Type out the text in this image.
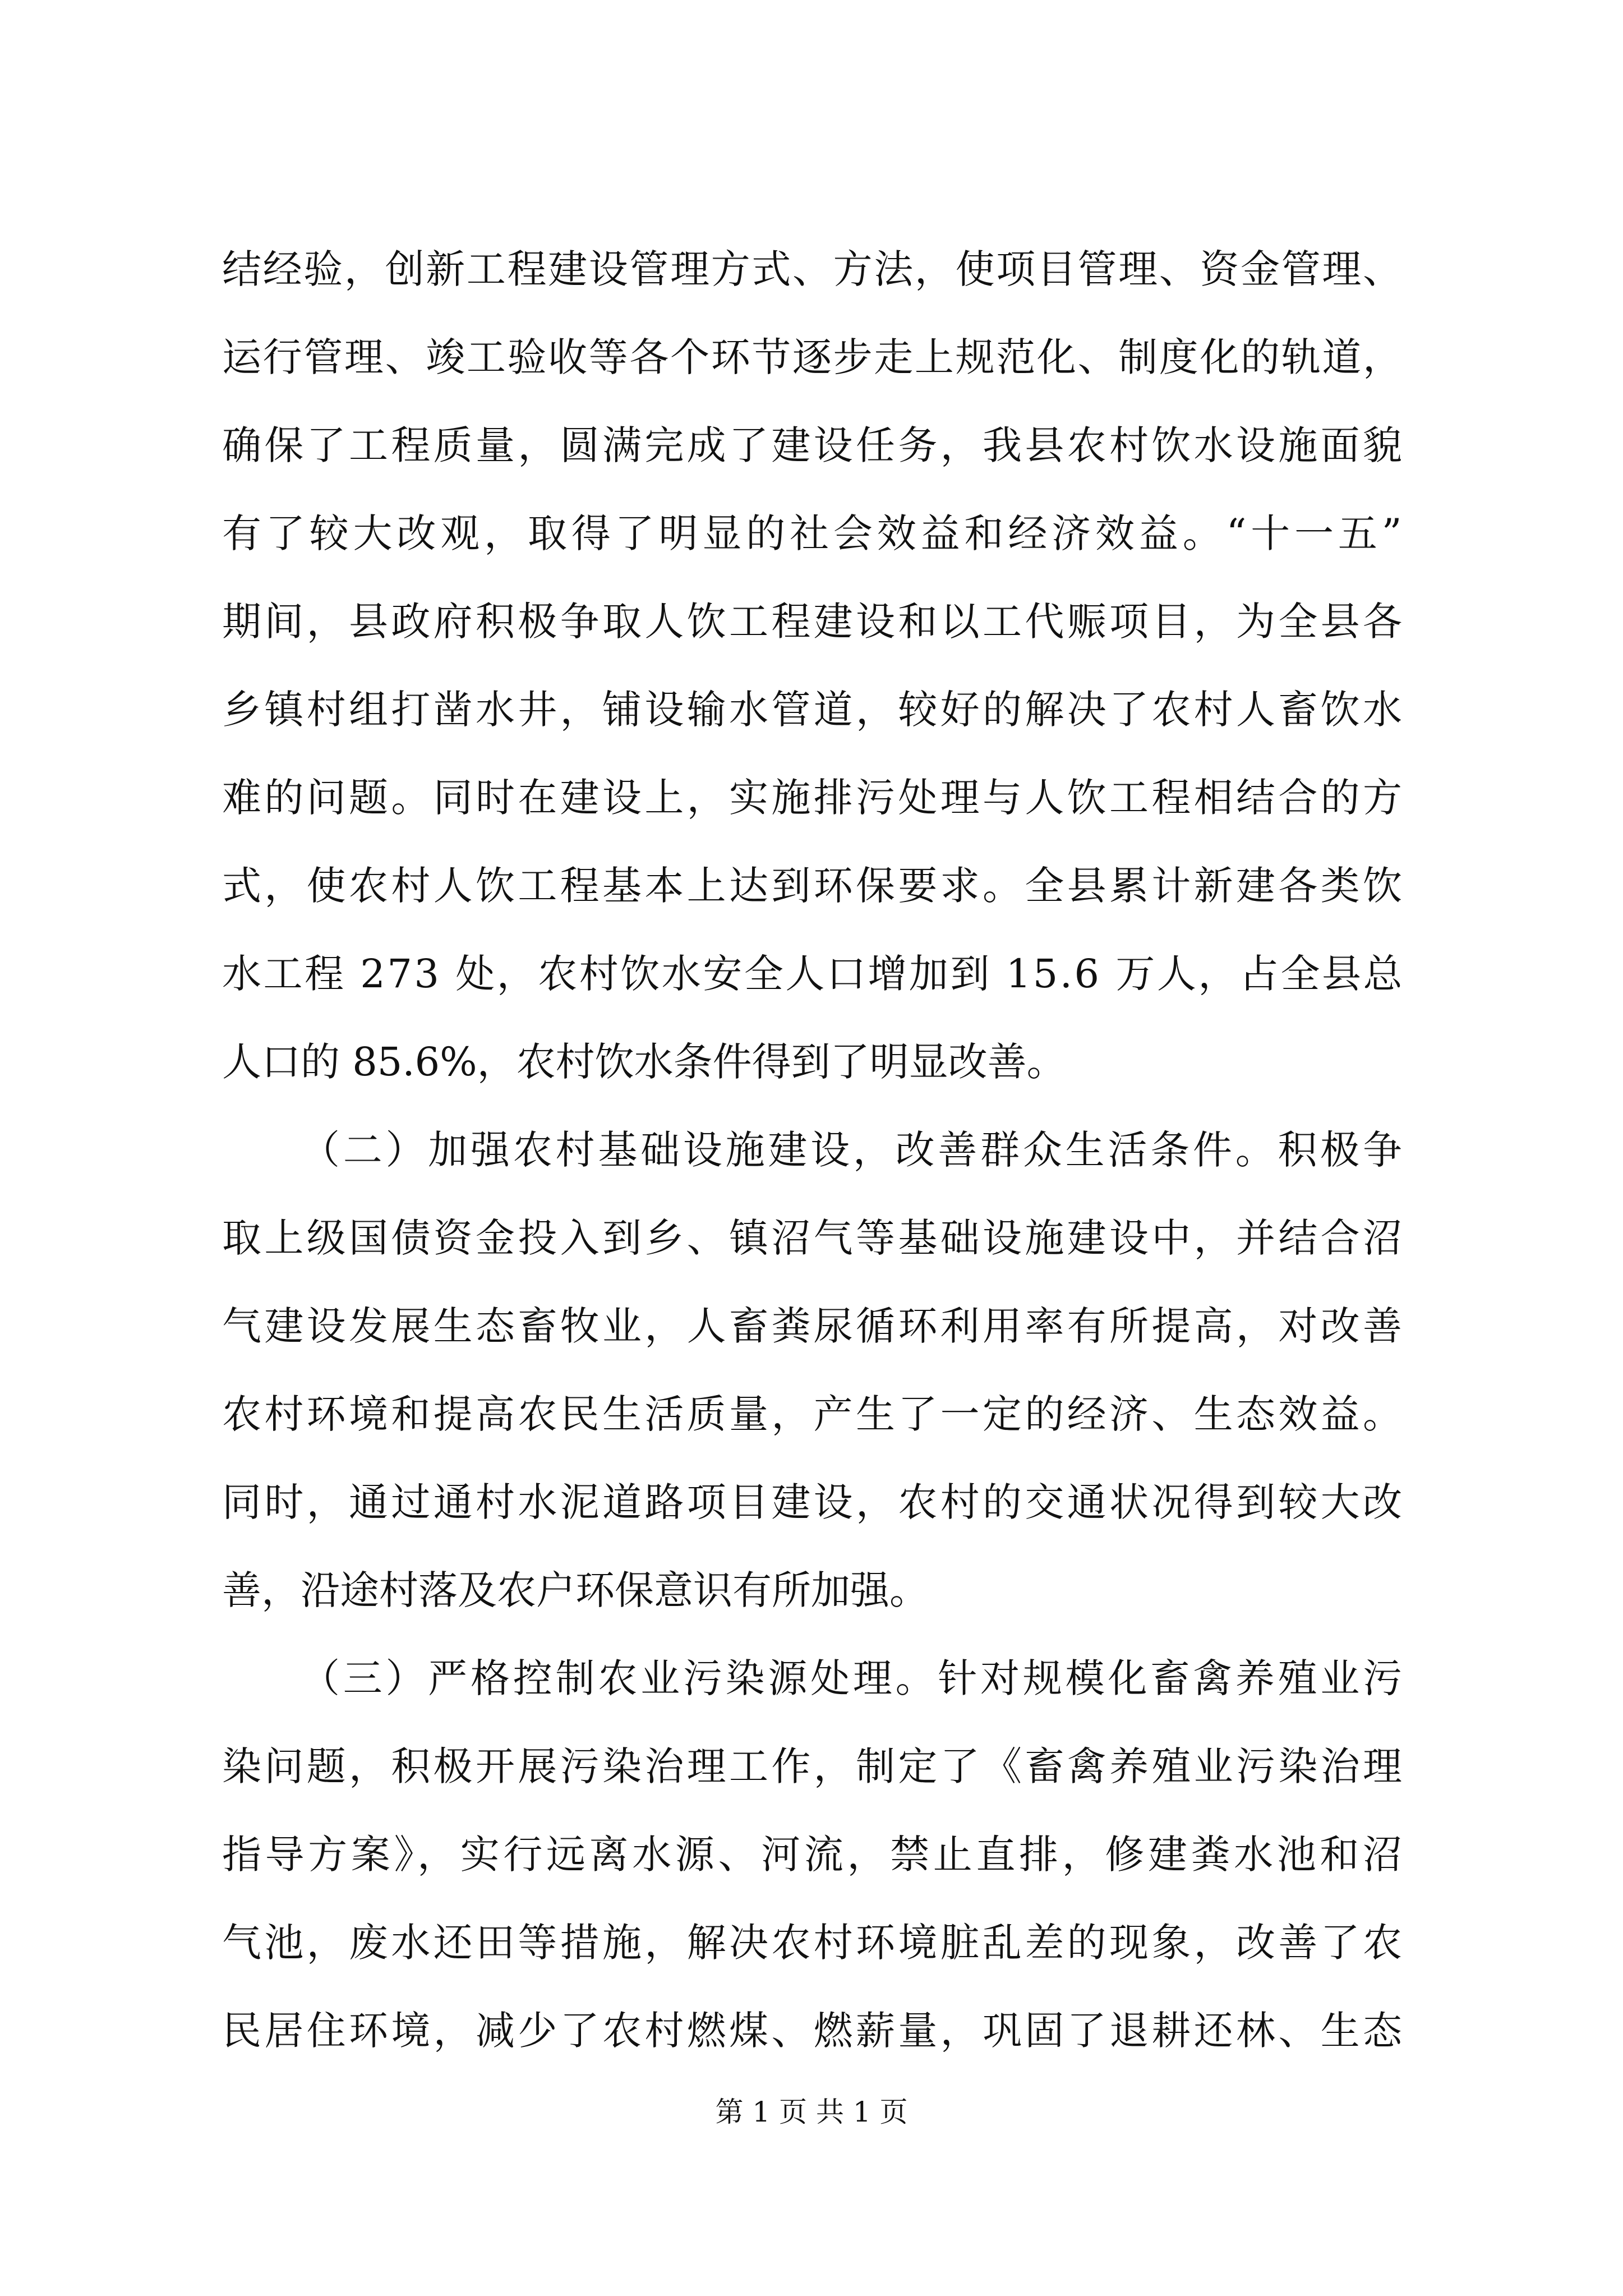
结经验，创新工程建设管理方式、方法，使项目管理、资金管理、
运行管理、竣工验收等各个环节逐步走上规范化、制度化的轨道，
确保了工程质量，圆满完成了建设任务，我县农村饮水设施面貌
有了较大改观，取得了明显的社会效益和经济效益。“十一五”
期间，县政府积极争取人饮工程建设和以工代赈项目，为全县各
乡镇村组打凿水井，铺设输水管道，较好的解决了农村人畜饮水
难的问题。同时在建设上，实施排污处理与人饮工程相结合的方
式，使农村人饮工程基本上达到环保要求。全县累计新建各类饮
水工程 273 处，农村饮水安全人口增加到 15.6 万人，占全县总
人口的 85.6%，农村饮水条件得到了明显改善。
（二）加强农村基础设施建设，改善群众生活条件。积极争
取上级国债资金投入到乡、镇沼气等基础设施建设中，并结合沼
气建设发展生态畜牧业，人畜粪尿循环利用率有所提高，对改善
农村环境和提高农民生活质量，产生了一定的经济、生态效益。
同时，通过通村水泥道路项目建设，农村的交通状况得到较大改
善，沿途村落及农户环保意识有所加强。
（三）严格控制农业污染源处理。针对规模化畜禽养殖业污
染问题，积极开展污染治理工作，制定了《畜禽养殖业污染治理
指导方案》，实行远离水源、河流，禁止直排，修建粪水池和沼
气池，废水还田等措施，解决农村环境脏乱差的现象，改善了农
民居住环境，减少了农村燃煤、燃薪量，巩固了退耕还林、生态
第 1 页 共 1 页
